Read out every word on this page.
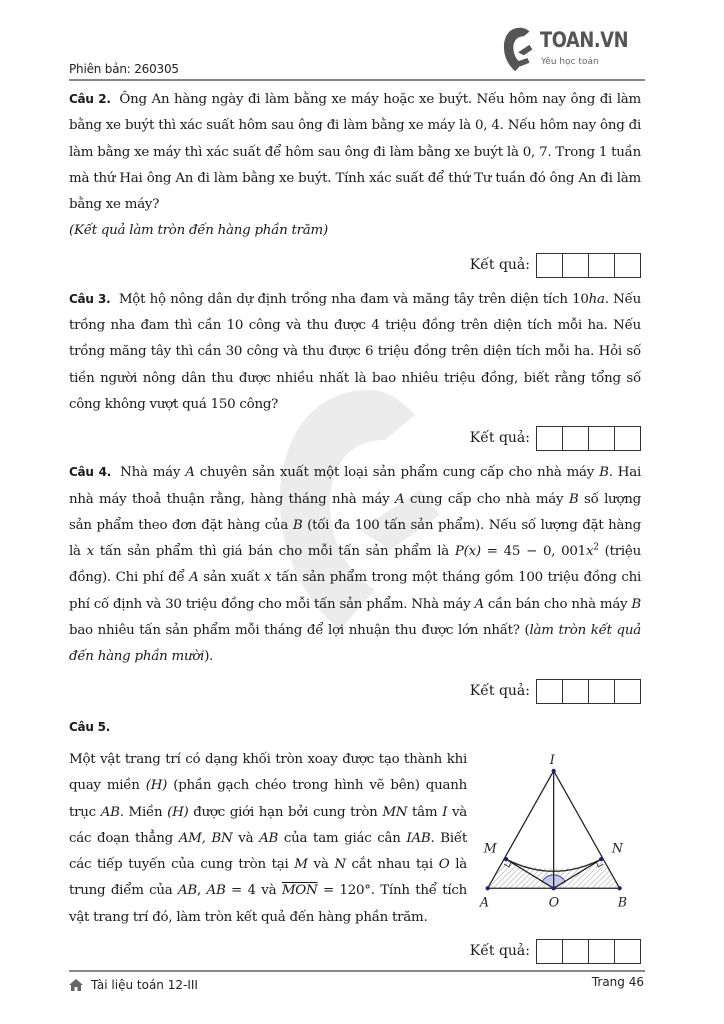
Phiên bản: 260305
TOAN.VN
Yêu học toán

Câu 2. Ông An hàng ngày đi làm bằng xe máy hoặc xe buýt. Nếu hôm nay ông đi làm bằng xe buýt thì xác suất hôm sau ông đi làm bằng xe máy là 0, 4. Nếu hôm nay ông đi làm bằng xe máy thì xác suất để hôm sau ông đi làm bằng xe buýt là 0, 7. Trong 1 tuần mà thứ Hai ông An đi làm bằng xe buýt. Tính xác suất để thứ Tư tuần đó ông An đi làm bằng xe máy?

(Kết quả làm tròn đến hàng phần trăm)

Kết quả:

Câu 3. Một hộ nông dân dự định trồng nha đam và măng tây trên diện tích 10ha. Nếu trồng nha đam thì cần 10 công và thu được 4 triệu đồng trên diện tích mỗi ha. Nếu trồng măng tây thì cần 30 công và thu được 6 triệu đồng trên diện tích mỗi ha. Hỏi số tiền người nông dân thu được nhiều nhất là bao nhiêu triệu đồng, biết rằng tổng số công không vượt quá 150 công?

Kết quả:

Câu 4. Nhà máy A chuyên sản xuất một loại sản phẩm cung cấp cho nhà máy B. Hai nhà máy thoả thuận rằng, hàng tháng nhà máy A cung cấp cho nhà máy B số lượng sản phẩm theo đơn đặt hàng của B (tối đa 100 tấn sản phẩm). Nếu số lượng đặt hàng là x tấn sản phẩm thì giá bán cho mỗi tấn sản phẩm là P(x) = 45 − 0, $001x^2$ (triệu đồng). Chi phí để A sản xuất x tấn sản phẩm trong một tháng gồm 100 triệu đồng chi phí cố định và 30 triệu đồng cho mỗi tấn sản phẩm. Nhà máy A cần bán cho nhà máy B bao nhiêu tấn sản phẩm mỗi tháng để lợi nhuận thu được lớn nhất? (làm tròn kết quả đến hàng phần mười).

Kết quả:

Câu 5.

Một vật trang trí có dạng khối tròn xoay được tạo thành khi quay miền (H) (phần gạch chéo trong hình vẽ bên) quanh trục AB. Miền (H) được giới hạn bởi cung tròn MN tâm I và các đoạn thẳng AM, BN và AB của tam giác cân IAB. Biết các tiếp tuyến của cung tròn tại M và N cắt nhau tại O là trung điểm của AB, AB = 4 và $\overline{MON} = 120^\circ$. Tính thể tích vật trang trí đó, làm tròn kết quả đến hàng phần trăm.

I
M	N
A	O	B
Kết quả:
Tài liệu toán 12-III	Trang 46
